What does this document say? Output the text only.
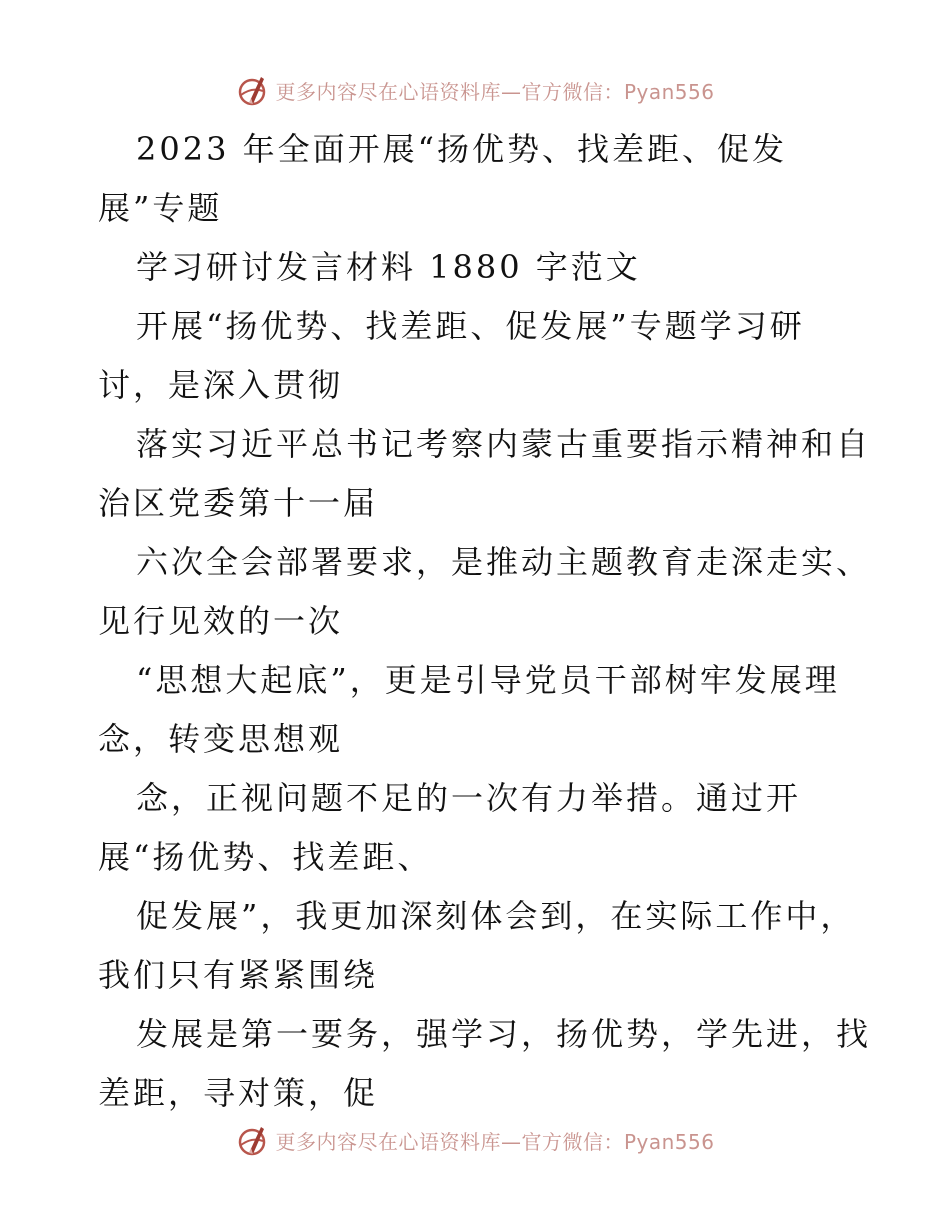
更多内容尽在心语资料库—官方微信：Pyan556

2023 年全面开展“扬优势、找差距、促发

展”专题

学习研讨发言材料 1880 字范文

开展“扬优势、找差距、促发展”专题学习研

讨，是深入贯彻

落实习近平总书记考察内蒙古重要指示精神和自

治区党委第十一届

六次全会部署要求，是推动主题教育走深走实、

见行见效的一次

“思想大起底”，更是引导党员干部树牢发展理

念，转变思想观

念，正视问题不足的一次有力举措。通过开

展“扬优势、找差距、

促发展”，我更加深刻体会到，在实际工作中，

我们只有紧紧围绕

发展是第一要务，强学习，扬优势，学先进，找

差距，寻对策，促

更多内容尽在心语资料库—官方微信：Pyan556
